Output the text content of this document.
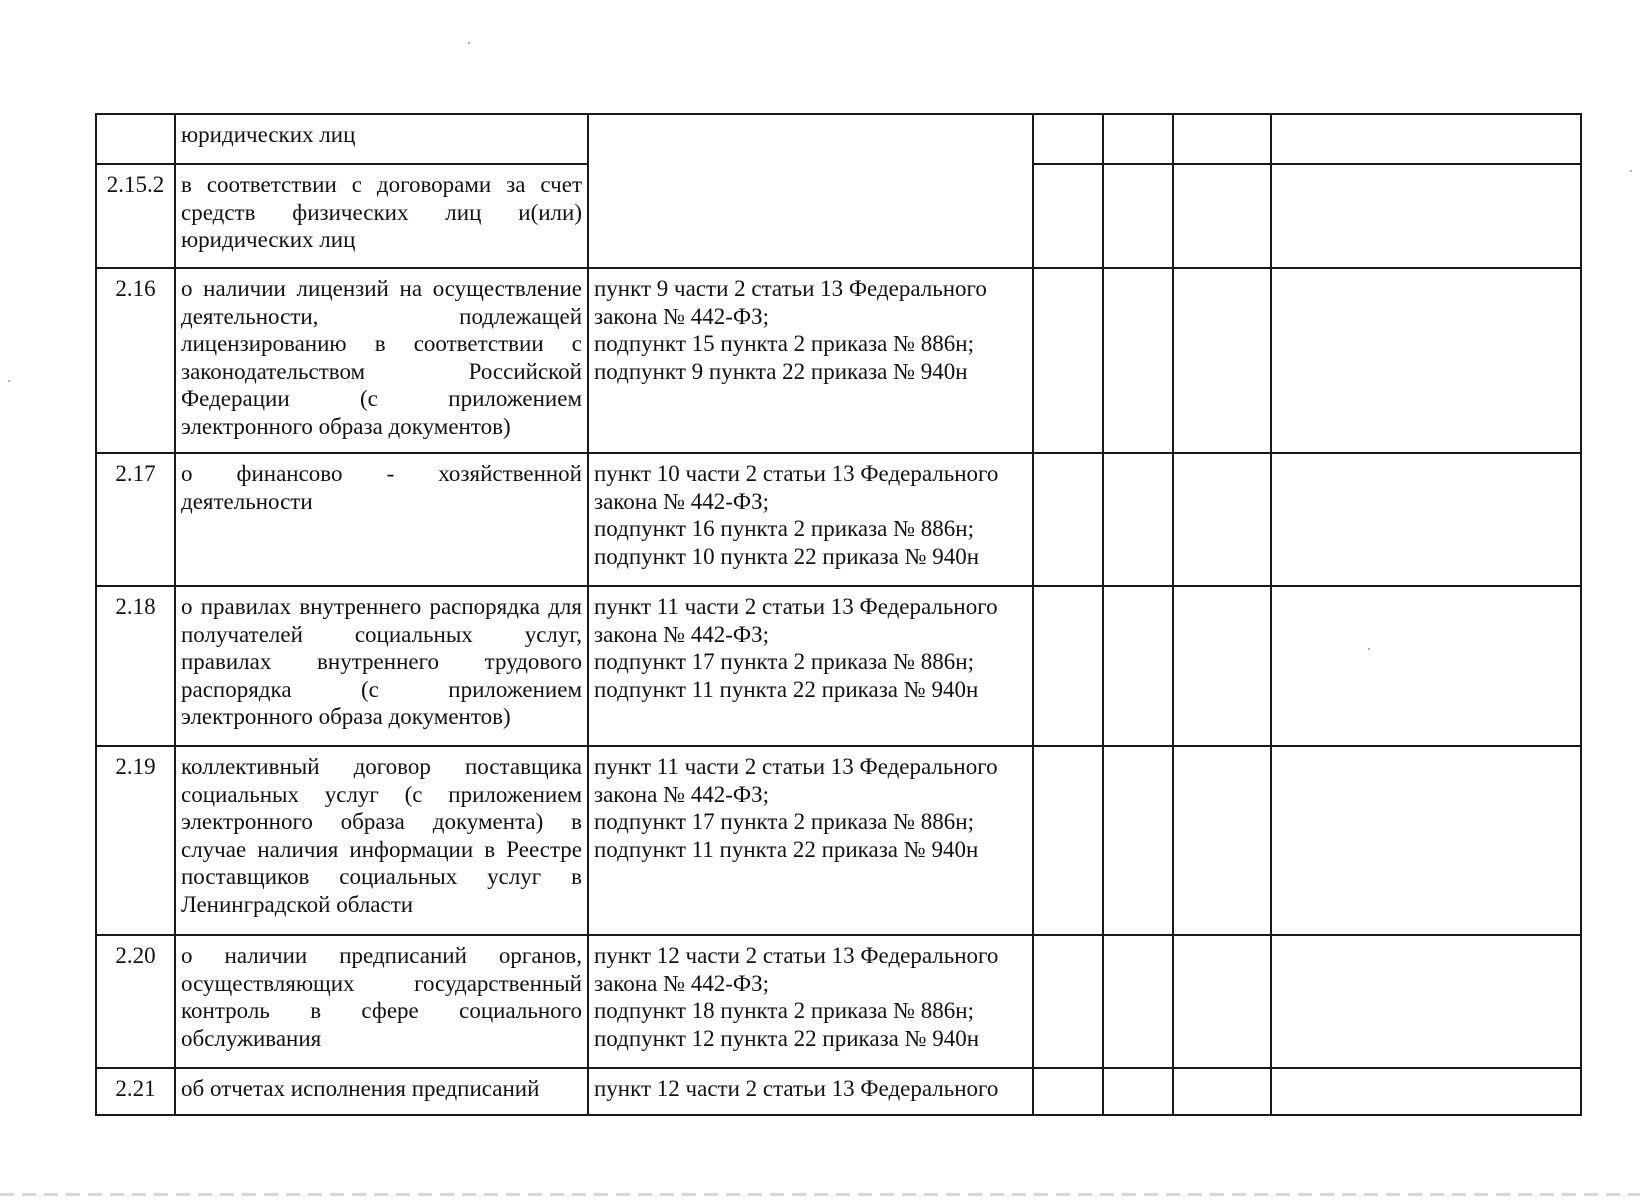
	юридических лиц					
2.15.2	в соответствии с договорами за счет средств физических лиц и(или) юридических лиц					
2.16	о наличии лицензий на осуществление деятельности, подлежащей лицензированию в соответствии с законодательством Российской Федерации (с приложением электронного образа документов)	пункт 9 части 2 статьи 13 Федерального
закона № 442-ФЗ;
подпункт 15 пункта 2 приказа № 886н;
подпункт 9 пункта 22 приказа № 940н				

2.17	о финансово - хозяйственной деятельности	пункт 10 части 2 статьи 13 Федерального
закона № 442-ФЗ;
подпункт 16 пункта 2 приказа № 886н;
подпункт 10 пункта 22 приказа № 940н				

2.18	о правилах внутреннего распорядка для получателей социальных услуг, правилах внутреннего трудового распорядка (с приложением электронного образа документов)	пункт 11 части 2 статьи 13 Федерального
закона № 442-ФЗ;
подпункт 17 пункта 2 приказа № 886н;
подпункт 11 пункта 22 приказа № 940н				

2.19	коллективный договор поставщика социальных услуг (с приложением электронного образа документа) в случае наличия информации в Реестре поставщиков социальных услуг в Ленинградской области	пункт 11 части 2 статьи 13 Федерального
закона № 442-ФЗ;
подпункт 17 пункта 2 приказа № 886н;
подпункт 11 пункта 22 приказа № 940н				

2.20	о наличии предписаний органов, осуществляющих государственный контроль в сфере социального обслуживания	пункт 12 части 2 статьи 13 Федерального
закона № 442-ФЗ;
подпункт 18 пункта 2 приказа № 886н;
подпункт 12 пункта 22 приказа № 940н				

2.21	об отчетах исполнения предписаний	пункт 12 части 2 статьи 13 Федерального				
